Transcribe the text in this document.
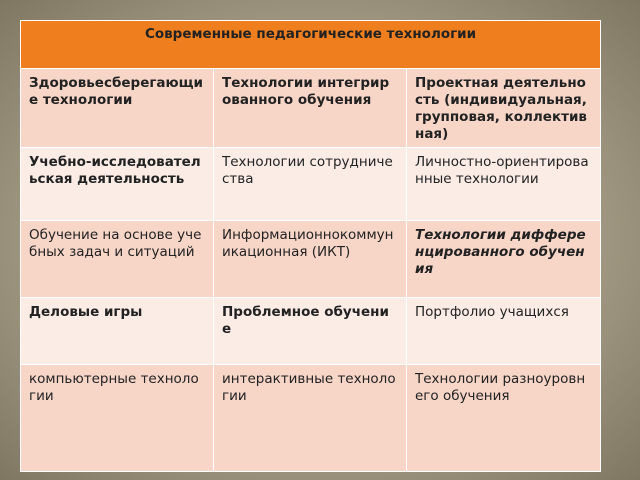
Современные педагогические технологии		
Здоровьесберегающие технологии	Технологии интегрированного обучения	Проектная деятельность (индивидуальная, групповая, коллективная)

Учебно-исследовательская деятельность	Технологии сотрудничества	Личностно-ориентированные технологии
Обучение на основе учебных задач и ситуаций	Информационнокоммуникационная (ИКТ)	Технологии дифференцированного обучения
Деловые игры	Проблемное обучение	Портфолио учащихся
компьютерные технологии	интерактивные технологии	Технологии разноуровнего обучения
